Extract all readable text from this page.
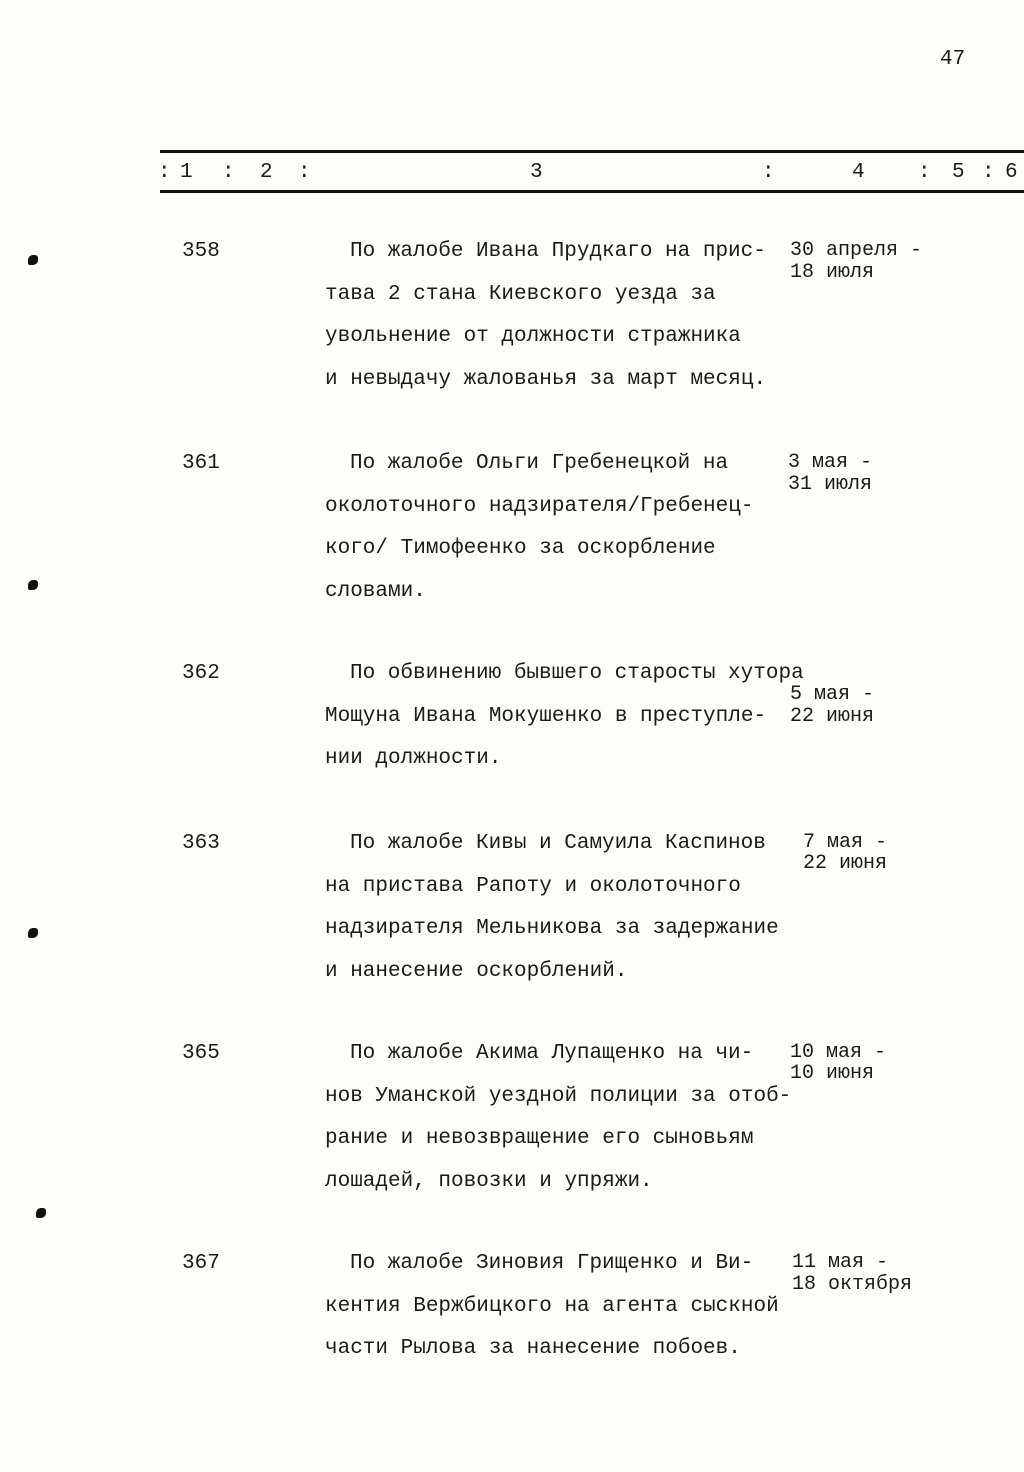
47
: 1 : 2 :	3	:	4	: 5 : 6
358	По жалобе Ивана Прудкаго на прис-
тава 2 стана Киевского уезда за
увольнение от должности стражника
и невыдачу жалованья за март месяц.
30 апреля -
18 июля
361	По жалобе Ольги Гребенецкой на
околоточного надзирателя/Гребенец-
кого/ Тимофеенко за оскорбление
словами.
3 мая -
31 июля
362	По обвинению бывшего старосты хутора
Мощуна Ивана Мокушенко в преступле-
нии должности.
5 мая -
22 июня
363	По жалобе Кивы и Самуила Каспинов
на пристава Рапоту и околоточного
надзирателя Мельникова за задержание
и нанесение оскорблений.
7 мая -
22 июня
365	По жалобе Акима Лупащенко на чи-
нов Уманской уездной полиции за отоб-
рание и невозвращение его сыновьям
лошадей, повозки и упряжи.
10 мая -
10 июня
367	По жалобе Зиновия Грищенко и Ви-
кентия Вержбицкого на агента сыскной
части Рылова за нанесение побоев.
11 мая -
18 октября
